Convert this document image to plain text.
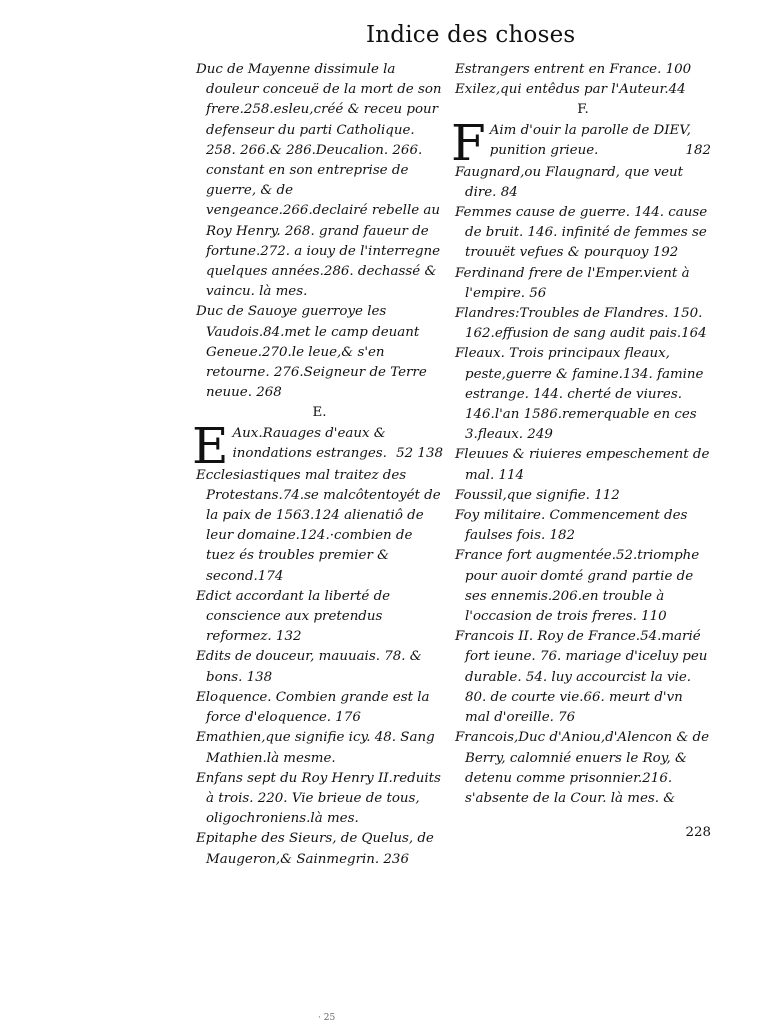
Indice des choses

Duc de Mayenne dissimule la douleur conceuë de la mort de son frere.258.esleu,créé & receu pour defenseur du parti Catholique. 258. 266.& 286.Deucalion. 266. constant en son entreprise de guerre, & de vengeance.266.declairé rebelle au Roy Henry. 268. grand faueur de fortune.272. a iouy de l'interregne quelques années.286. dechassé & vaincu. là mes.

Duc de Sauoye guerroye les Vaudois.84.met le camp deuant Geneue.270.le leue,& s'en retourne. 276.Seigneur de Terre neuue. 268

E.

E Aux.Rauages d'eaux & inondations estranges. 52 138

Ecclesiastiques mal traitez des Protestans.74.se malcôtentoyét de la paix de 1563.124 alienatiô de leur domaine.124.·combien de tuez és troubles premier & second.174

Edict accordant la liberté de conscience aux pretendus reformez. 132

Edits de douceur, mauuais. 78. & bons. 138

Eloquence. Combien grande est la force d'eloquence. 176

Emathien,que signifie icy. 48. Sang Mathien.là mesme.

Enfans sept du Roy Henry II.reduits à trois. 220. Vie brieue de tous, oligochroniens.là mes.

Epitaphe des Sieurs, de Quelus, de Maugeron,& Sainmegrin. 236

Estrangers entrent en France. 100

Exilez,qui entêdus par l'Auteur.44

F.

F Aim d'ouir la parolle de DIEV, punition grieue.	182

Faugnard,ou Flaugnard, que veut dire. 84

Femmes cause de guerre. 144. cause de bruit. 146. infinité de femmes se trouuët vefues & pourquoy 192

Ferdinand frere de l'Emper.vient à l'empire. 56

Flandres:Troubles de Flandres. 150. 162.effusion de sang audit pais.164

Fleaux. Trois principaux fleaux, peste,guerre & famine.134. famine estrange. 144. cherté de viures. 146.l'an 1586.remerquable en ces 3.fleaux. 249

Fleuues & riuieres empeschement de mal. 114

Foussil,que signifie. 112

Foy militaire. Commencement des faulses fois. 182

France fort augmentée.52.triomphe pour auoir domté grand partie de ses ennemis.206.en trouble à l'occasion de trois freres. 110

Francois II. Roy de France.54.marié fort ieune. 76. mariage d'iceluy peu durable. 54. luy accourcist la vie. 80. de courte vie.66. meurt d'vn mal d'oreille. 76

Francois,Duc d'Aniou,d'Alencon & de Berry, calomnié enuers le Roy, & detenu comme prisonnier.216. s'absente de la Cour. là mes. &

228

· 25
